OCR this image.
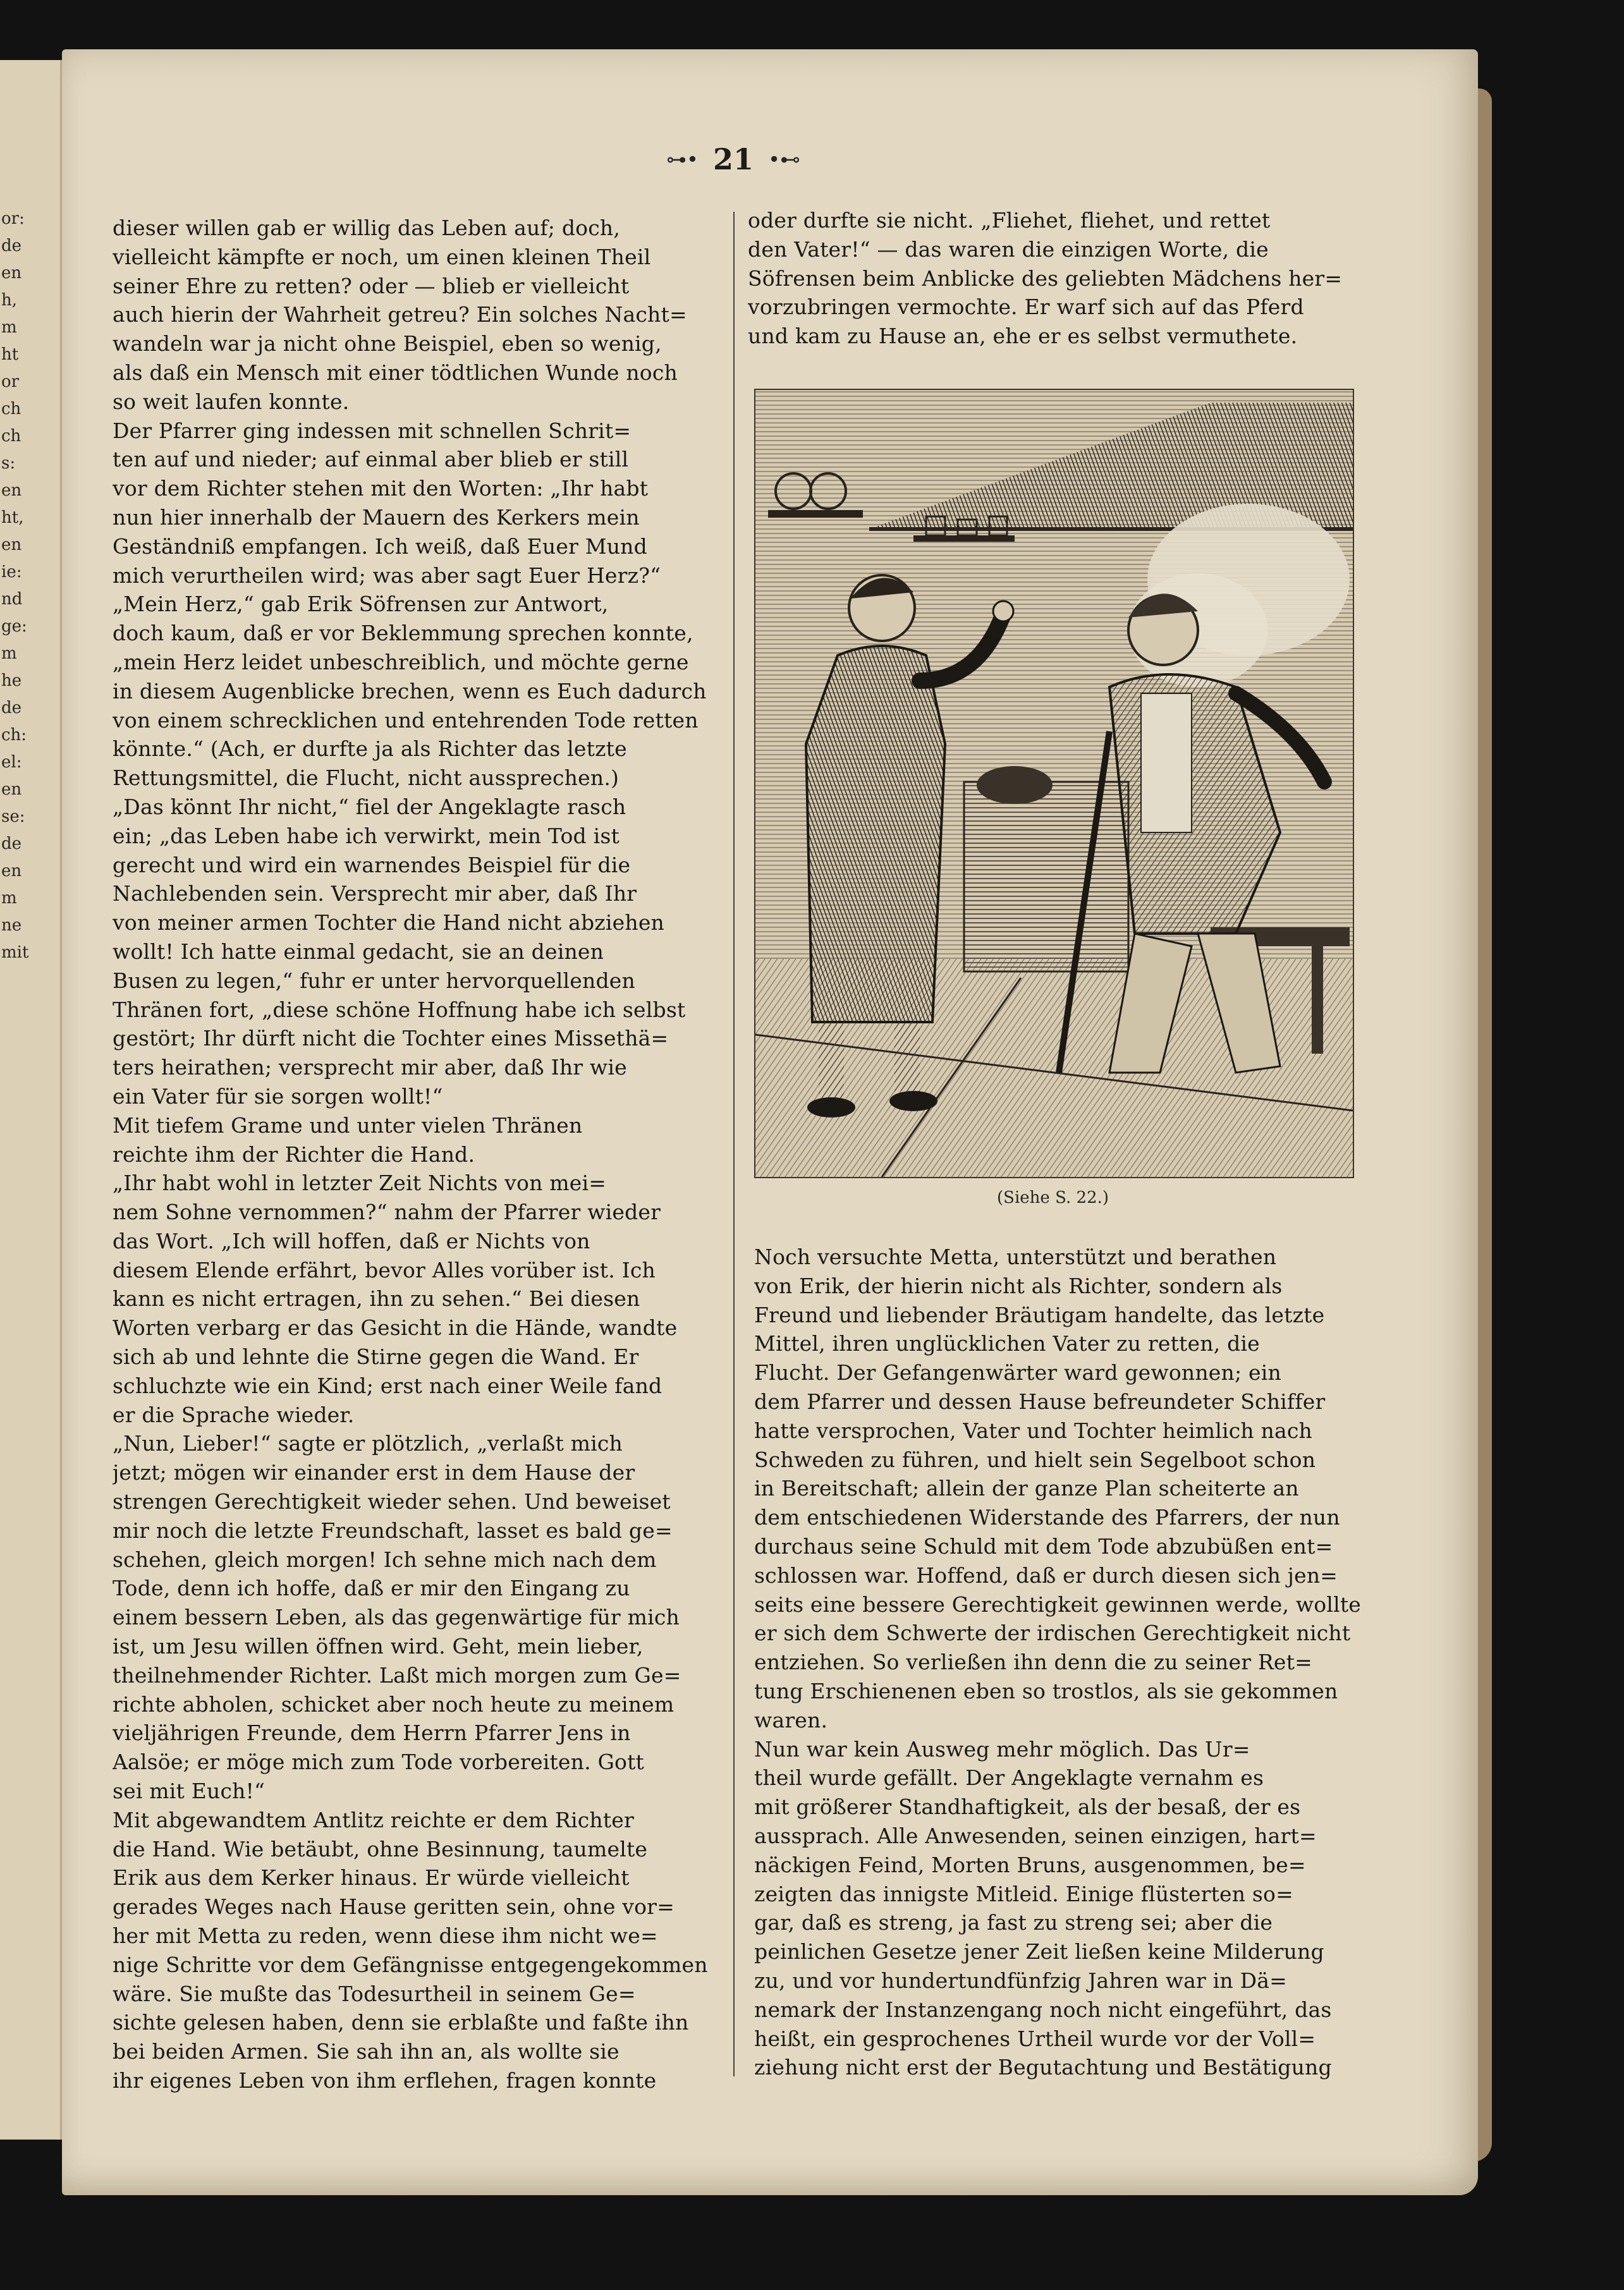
or:
de
en
h,
m
ht
or
ch
ch
s:
en
ht,
en
ie:
nd
ge:
m
he
de
ch:
el:
en
se:
de
en
m
ne
mit
⊶• 21 •⊷
dieser willen gab er willig das Leben auf; doch,
vielleicht kämpfte er noch, um einen kleinen Theil
seiner Ehre zu retten? oder — blieb er vielleicht
auch hierin der Wahrheit getreu? Ein solches Nacht=
wandeln war ja nicht ohne Beispiel, eben so wenig,
als daß ein Mensch mit einer tödtlichen Wunde noch
so weit laufen konnte.
Der Pfarrer ging indessen mit schnellen Schrit=
ten auf und nieder; auf einmal aber blieb er still
vor dem Richter stehen mit den Worten: „Ihr habt
nun hier innerhalb der Mauern des Kerkers mein
Geständniß empfangen. Ich weiß, daß Euer Mund
mich verurtheilen wird; was aber sagt Euer Herz?“
„Mein Herz,“ gab Erik Söfrensen zur Antwort,
doch kaum, daß er vor Beklemmung sprechen konnte,
„mein Herz leidet unbeschreiblich, und möchte gerne
in diesem Augenblicke brechen, wenn es Euch dadurch
von einem schrecklichen und entehrenden Tode retten
könnte.“ (Ach, er durfte ja als Richter das letzte
Rettungsmittel, die Flucht, nicht aussprechen.)
„Das könnt Ihr nicht,“ fiel der Angeklagte rasch
ein; „das Leben habe ich verwirkt, mein Tod ist
gerecht und wird ein warnendes Beispiel für die
Nachlebenden sein. Versprecht mir aber, daß Ihr
von meiner armen Tochter die Hand nicht abziehen
wollt! Ich hatte einmal gedacht, sie an deinen
Busen zu legen,“ fuhr er unter hervorquellenden
Thränen fort, „diese schöne Hoffnung habe ich selbst
gestört; Ihr dürft nicht die Tochter eines Missethä=
ters heirathen; versprecht mir aber, daß Ihr wie
ein Vater für sie sorgen wollt!“
Mit tiefem Grame und unter vielen Thränen
reichte ihm der Richter die Hand.
„Ihr habt wohl in letzter Zeit Nichts von mei=
nem Sohne vernommen?“ nahm der Pfarrer wieder
das Wort. „Ich will hoffen, daß er Nichts von
diesem Elende erfährt, bevor Alles vorüber ist. Ich
kann es nicht ertragen, ihn zu sehen.“ Bei diesen
Worten verbarg er das Gesicht in die Hände, wandte
sich ab und lehnte die Stirne gegen die Wand. Er
schluchzte wie ein Kind; erst nach einer Weile fand
er die Sprache wieder.
„Nun, Lieber!“ sagte er plötzlich, „verlaßt mich
jetzt; mögen wir einander erst in dem Hause der
strengen Gerechtigkeit wieder sehen. Und beweiset
mir noch die letzte Freundschaft, lasset es bald ge=
schehen, gleich morgen! Ich sehne mich nach dem
Tode, denn ich hoffe, daß er mir den Eingang zu
einem bessern Leben, als das gegenwärtige für mich
ist, um Jesu willen öffnen wird. Geht, mein lieber,
theilnehmender Richter. Laßt mich morgen zum Ge=
richte abholen, schicket aber noch heute zu meinem
vieljährigen Freunde, dem Herrn Pfarrer Jens in
Aalsöe; er möge mich zum Tode vorbereiten. Gott
sei mit Euch!“
Mit abgewandtem Antlitz reichte er dem Richter
die Hand. Wie betäubt, ohne Besinnung, taumelte
Erik aus dem Kerker hinaus. Er würde vielleicht
gerades Weges nach Hause geritten sein, ohne vor=
her mit Metta zu reden, wenn diese ihm nicht we=
nige Schritte vor dem Gefängnisse entgegengekommen
wäre. Sie mußte das Todesurtheil in seinem Ge=
sichte gelesen haben, denn sie erblaßte und faßte ihn
bei beiden Armen. Sie sah ihn an, als wollte sie
ihr eigenes Leben von ihm erflehen, fragen konnte
oder durfte sie nicht. „Fliehet, fliehet, und rettet
den Vater!“ — das waren die einzigen Worte, die
Söfrensen beim Anblicke des geliebten Mädchens her=
vorzubringen vermochte. Er warf sich auf das Pferd
und kam zu Hause an, ehe er es selbst vermuthete.
(Siehe S. 22.)
Noch versuchte Metta, unterstützt und berathen
von Erik, der hierin nicht als Richter, sondern als
Freund und liebender Bräutigam handelte, das letzte
Mittel, ihren unglücklichen Vater zu retten, die
Flucht. Der Gefangenwärter ward gewonnen; ein
dem Pfarrer und dessen Hause befreundeter Schiffer
hatte versprochen, Vater und Tochter heimlich nach
Schweden zu führen, und hielt sein Segelboot schon
in Bereitschaft; allein der ganze Plan scheiterte an
dem entschiedenen Widerstande des Pfarrers, der nun
durchaus seine Schuld mit dem Tode abzubüßen ent=
schlossen war. Hoffend, daß er durch diesen sich jen=
seits eine bessere Gerechtigkeit gewinnen werde, wollte
er sich dem Schwerte der irdischen Gerechtigkeit nicht
entziehen. So verließen ihn denn die zu seiner Ret=
tung Erschienenen eben so trostlos, als sie gekommen
waren.
Nun war kein Ausweg mehr möglich. Das Ur=
theil wurde gefällt. Der Angeklagte vernahm es
mit größerer Standhaftigkeit, als der besaß, der es
aussprach. Alle Anwesenden, seinen einzigen, hart=
näckigen Feind, Morten Bruns, ausgenommen, be=
zeigten das innigste Mitleid. Einige flüsterten so=
gar, daß es streng, ja fast zu streng sei; aber die
peinlichen Gesetze jener Zeit ließen keine Milderung
zu, und vor hundertundfünfzig Jahren war in Dä=
nemark der Instanzengang noch nicht eingeführt, das
heißt, ein gesprochenes Urtheil wurde vor der Voll=
ziehung nicht erst der Begutachtung und Bestätigung
